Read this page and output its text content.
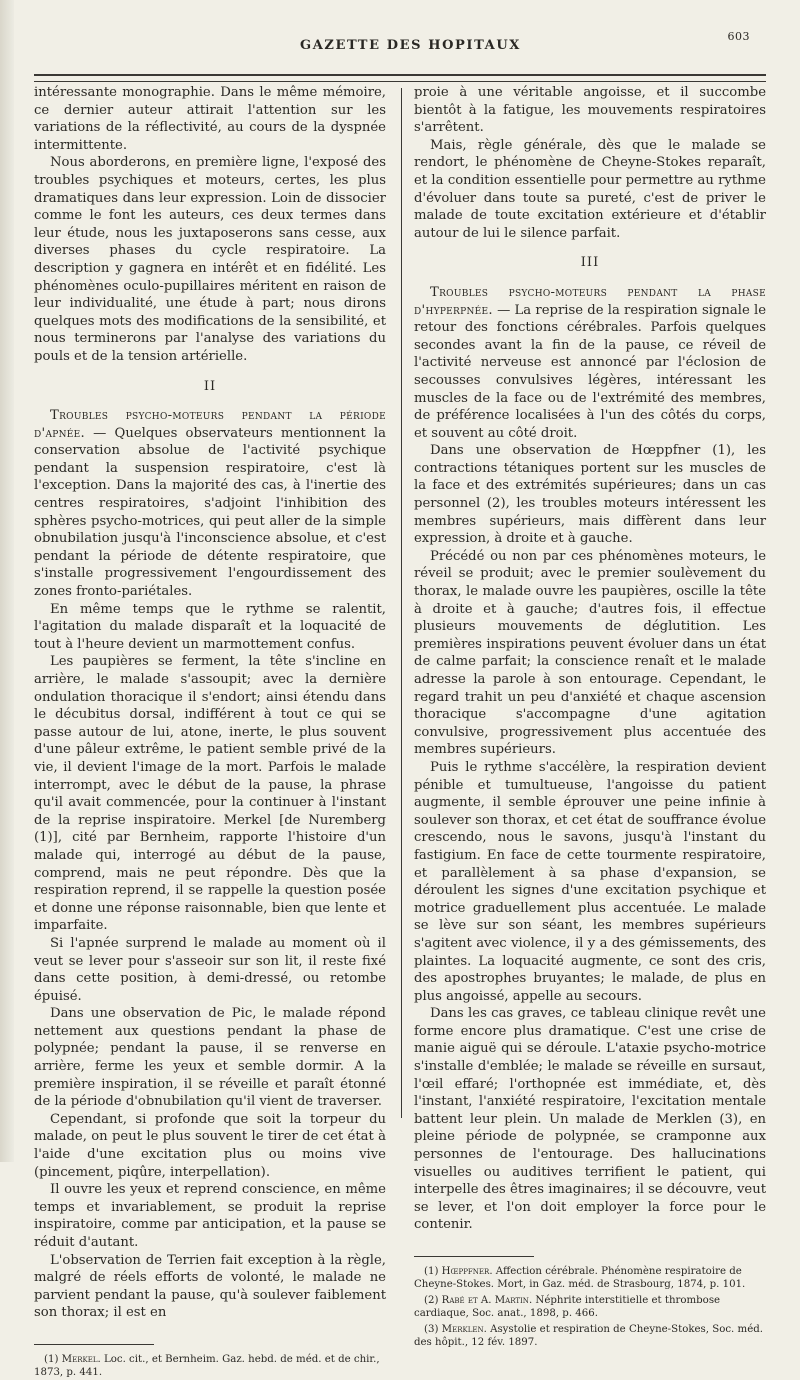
GAZETTE DES HOPITAUX
603

intéressante monographie. Dans le même mémoire, ce dernier auteur attirait l'attention sur les variations de la réflectivité, au cours de la dyspnée intermittente.

Nous aborderons, en première ligne, l'exposé des troubles psychiques et moteurs, certes, les plus dramatiques dans leur expression. Loin de dissocier comme le font les auteurs, ces deux termes dans leur étude, nous les juxtaposerons sans cesse, aux diverses phases du cycle respiratoire. La description y gagnera en intérêt et en fidélité. Les phénomènes oculo-pupillaires méritent en raison de leur individualité, une étude à part; nous dirons quelques mots des modifications de la sensibilité, et nous terminerons par l'analyse des variations du pouls et de la tension artérielle.

II

Troubles psycho-moteurs pendant la période d'apnée. — Quelques observateurs mentionnent la conservation absolue de l'activité psychique pendant la suspension respiratoire, c'est là l'exception. Dans la majorité des cas, à l'inertie des centres respiratoires, s'adjoint l'inhibition des sphères psycho-motrices, qui peut aller de la simple obnubilation jusqu'à l'inconscience absolue, et c'est pendant la période de détente respiratoire, que s'installe progressivement l'engourdissement des zones fronto-pariétales.

En même temps que le rythme se ralentit, l'agitation du malade disparaît et la loquacité de tout à l'heure devient un marmottement confus.

Les paupières se ferment, la tête s'incline en arrière, le malade s'assoupit; avec la dernière ondulation thoracique il s'endort; ainsi étendu dans le décubitus dorsal, indifférent à tout ce qui se passe autour de lui, atone, inerte, le plus souvent d'une pâleur extrême, le patient semble privé de la vie, il devient l'image de la mort. Parfois le malade interrompt, avec le début de la pause, la phrase qu'il avait commencée, pour la continuer à l'instant de la reprise inspiratoire. Merkel [de Nuremberg (1)], cité par Bernheim, rapporte l'histoire d'un malade qui, interrogé au début de la pause, comprend, mais ne peut répondre. Dès que la respiration reprend, il se rappelle la question posée et donne une réponse raisonnable, bien que lente et imparfaite.

Si l'apnée surprend le malade au moment où il veut se lever pour s'asseoir sur son lit, il reste fixé dans cette position, à demi-dressé, ou retombe épuisé.

Dans une observation de Pic, le malade répond nettement aux questions pendant la phase de polypnée; pendant la pause, il se renverse en arrière, ferme les yeux et semble dormir. A la première inspiration, il se réveille et paraît étonné de la période d'obnubilation qu'il vient de traverser.

Cependant, si profonde que soit la torpeur du malade, on peut le plus souvent le tirer de cet état à l'aide d'une excitation plus ou moins vive (pincement, piqûre, interpellation).

Il ouvre les yeux et reprend conscience, en même temps et invariablement, se produit la reprise inspiratoire, comme par anticipation, et la pause se réduit d'autant.

L'observation de Terrien fait exception à la règle, malgré de réels efforts de volonté, le malade ne parvient pendant la pause, qu'à soulever faiblement son thorax; il est en

(1) Merkel. Loc. cit., et Bernheim. Gaz. hebd. de méd. et de chir., 1873, p. 441.

proie à une véritable angoisse, et il succombe bientôt à la fatigue, les mouvements respiratoires s'arrêtent.

Mais, règle générale, dès que le malade se rendort, le phénomène de Cheyne-Stokes reparaît, et la condition essentielle pour permettre au rythme d'évoluer dans toute sa pureté, c'est de priver le malade de toute excitation extérieure et d'établir autour de lui le silence parfait.

III

Troubles psycho-moteurs pendant la phase d'hyperpnée. — La reprise de la respiration signale le retour des fonctions cérébrales. Parfois quelques secondes avant la fin de la pause, ce réveil de l'activité nerveuse est annoncé par l'éclosion de secousses convulsives légères, intéressant les muscles de la face ou de l'extrémité des membres, de préférence localisées à l'un des côtés du corps, et souvent au côté droit.

Dans une observation de Hœppfner (1), les contractions tétaniques portent sur les muscles de la face et des extrémités supérieures; dans un cas personnel (2), les troubles moteurs intéressent les membres supérieurs, mais diffèrent dans leur expression, à droite et à gauche.

Précédé ou non par ces phénomènes moteurs, le réveil se produit; avec le premier soulèvement du thorax, le malade ouvre les paupières, oscille la tête à droite et à gauche; d'autres fois, il effectue plusieurs mouvements de déglutition. Les premières inspirations peuvent évoluer dans un état de calme parfait; la conscience renaît et le malade adresse la parole à son entourage. Cependant, le regard trahit un peu d'anxiété et chaque ascension thoracique s'accompagne d'une agitation convulsive, progressivement plus accentuée des membres supérieurs.

Puis le rythme s'accélère, la respiration devient pénible et tumultueuse, l'angoisse du patient augmente, il semble éprouver une peine infinie à soulever son thorax, et cet état de souffrance évolue crescendo, nous le savons, jusqu'à l'instant du fastigium. En face de cette tourmente respiratoire, et parallèlement à sa phase d'expansion, se déroulent les signes d'une excitation psychique et motrice graduellement plus accentuée. Le malade se lève sur son séant, les membres supérieurs s'agitent avec violence, il y a des gémissements, des plaintes. La loquacité augmente, ce sont des cris, des apostrophes bruyantes; le malade, de plus en plus angoissé, appelle au secours.

Dans les cas graves, ce tableau clinique revêt une forme encore plus dramatique. C'est une crise de manie aiguë qui se déroule. L'ataxie psycho-motrice s'installe d'emblée; le malade se réveille en sursaut, l'œil effaré; l'orthopnée est immédiate, et, dès l'instant, l'anxiété respiratoire, l'excitation mentale battent leur plein. Un malade de Merklen (3), en pleine période de polypnée, se cramponne aux personnes de l'entourage. Des hallucinations visuelles ou auditives terrifient le patient, qui interpelle des êtres imaginaires; il se découvre, veut se lever, et l'on doit employer la force pour le contenir.

(1) Hœppfner. Affection cérébrale. Phénomène respiratoire de Cheyne-Stokes. Mort, in Gaz. méd. de Strasbourg, 1874, p. 101.

(2) Rabé et A. Martin. Néphrite interstitielle et thrombose cardiaque, Soc. anat., 1898, p. 466.

(3) Merklen. Asystolie et respiration de Cheyne-Stokes, Soc. méd. des hôpit., 12 fév. 1897.
